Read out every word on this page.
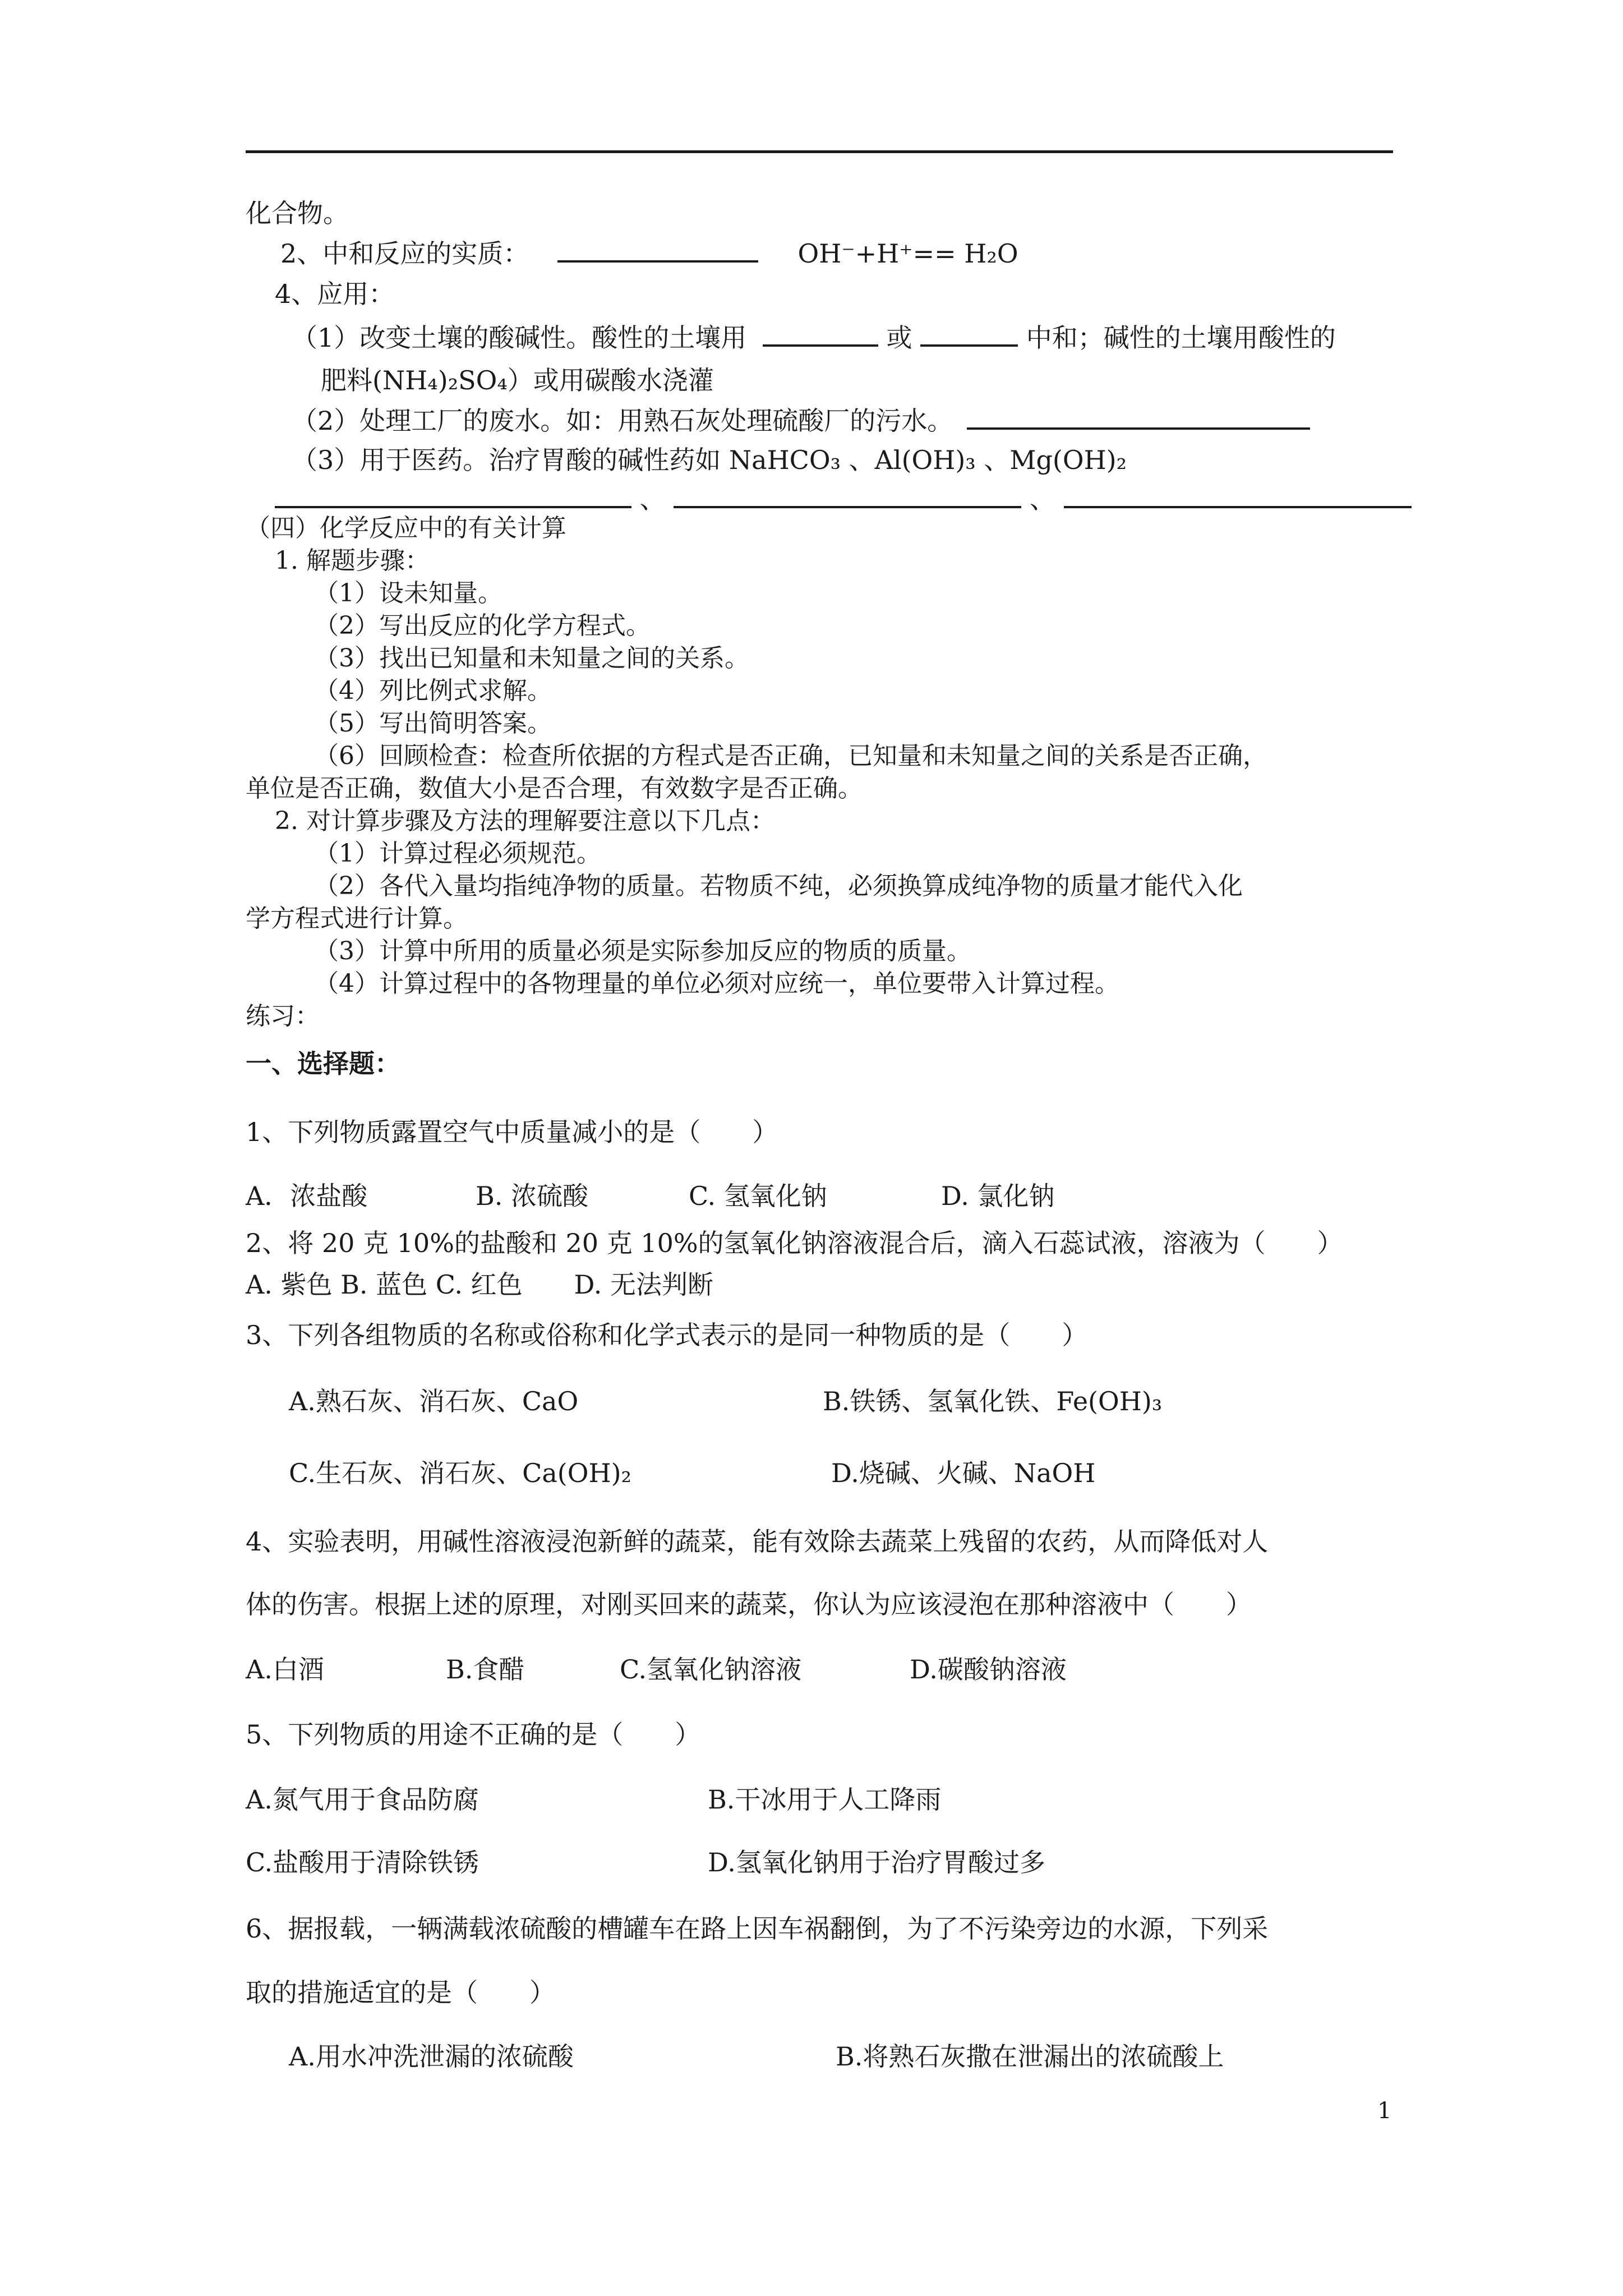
化合物。
2、中和反应的实质：	OH⁻+H⁺== H₂O
4、应用：
（1）改变土壤的酸碱性。酸性的土壤用	或	中和；碱性的土壤用酸性的
肥料(NH₄)₂SO₄）或用碳酸水浇灌
（2）处理工厂的废水。如：用熟石灰处理硫酸厂的污水。
（3）用于医药。治疗胃酸的碱性药如 NaHCO₃ 、Al(OH)₃ 、Mg(OH)₂
、	、
（四）化学反应中的有关计算
1. 解题步骤：
（1）设未知量。
（2）写出反应的化学方程式。
（3）找出已知量和未知量之间的关系。
（4）列比例式求解。
（5）写出简明答案。
（6）回顾检查：检查所依据的方程式是否正确，已知量和未知量之间的关系是否正确，
单位是否正确，数值大小是否合理，有效数字是否正确。
2. 对计算步骤及方法的理解要注意以下几点：
（1）计算过程必须规范。
（2）各代入量均指纯净物的质量。若物质不纯，必须换算成纯净物的质量才能代入化
学方程式进行计算。
（3）计算中所用的质量必须是实际参加反应的物质的质量。
（4）计算过程中的各物理量的单位必须对应统一，单位要带入计算过程。
练习：
一、选择题：
1、下列物质露置空气中质量减小的是（　　）
A．浓盐酸	B. 浓硫酸	C. 氢氧化钠	D. 氯化钠
2、将 20 克 10%的盐酸和 20 克 10%的氢氧化钠溶液混合后，滴入石蕊试液，溶液为（　　）
A. 紫色 B. 蓝色 C. 红色　　D. 无法判断
3、下列各组物质的名称或俗称和化学式表示的是同一种物质的是（　　）
A.熟石灰、消石灰、CaO	B.铁锈、氢氧化铁、Fe(OH)₃
C.生石灰、消石灰、Ca(OH)₂	D.烧碱、火碱、NaOH
4、实验表明，用碱性溶液浸泡新鲜的蔬菜，能有效除去蔬菜上残留的农药，从而降低对人
体的伤害。根据上述的原理，对刚买回来的蔬菜，你认为应该浸泡在那种溶液中（　　）
A.白酒	B.食醋	C.氢氧化钠溶液	D.碳酸钠溶液
5、下列物质的用途不正确的是（　　）
A.氮气用于食品防腐	B.干冰用于人工降雨
C.盐酸用于清除铁锈	D.氢氧化钠用于治疗胃酸过多
6、据报载，一辆满载浓硫酸的槽罐车在路上因车祸翻倒，为了不污染旁边的水源，下列采
取的措施适宜的是（　　）
A.用水冲洗泄漏的浓硫酸	B.将熟石灰撒在泄漏出的浓硫酸上
1
